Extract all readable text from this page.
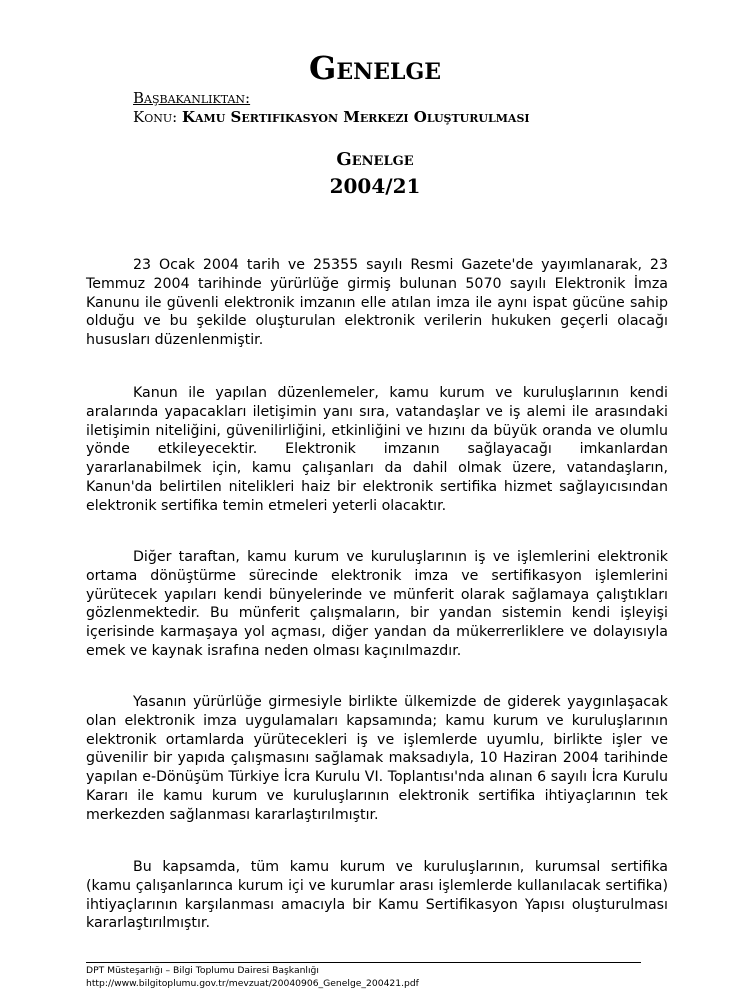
Genelge
Başbakanlıktan:
Konu: Kamu Sertifikasyon Merkezi Oluşturulması
Genelge
2004/21

23 Ocak 2004 tarih ve 25355 sayılı Resmi Gazete'de yayımlanarak, 23 Temmuz 2004 tarihinde yürürlüğe girmiş bulunan 5070 sayılı Elektronik İmza Kanunu ile güvenli elektronik imzanın elle atılan imza ile aynı ispat gücüne sahip olduğu ve bu şekilde oluşturulan elektronik verilerin hukuken geçerli olacağı hususları düzenlenmiştir.

Kanun ile yapılan düzenlemeler, kamu kurum ve kuruluşlarının kendi aralarında yapacakları iletişimin yanı sıra, vatandaşlar ve iş alemi ile arasındaki iletişimin niteliğini, güvenilirliğini, etkinliğini ve hızını da büyük oranda ve olumlu yönde etkileyecektir. Elektronik imzanın sağlayacağı imkanlardan yararlanabilmek için, kamu çalışanları da dahil olmak üzere, vatandaşların, Kanun'da belirtilen nitelikleri haiz bir elektronik sertifika hizmet sağlayıcısından elektronik sertifika temin etmeleri yeterli olacaktır.

Diğer taraftan, kamu kurum ve kuruluşlarının iş ve işlemlerini elektronik ortama dönüştürme sürecinde elektronik imza ve sertifikasyon işlemlerini yürütecek yapıları kendi bünyelerinde ve münferit olarak sağlamaya çalıştıkları gözlenmektedir. Bu münferit çalışmaların, bir yandan sistemin kendi işleyişi içerisinde karmaşaya yol açması, diğer yandan da mükerrerliklere ve dolayısıyla emek ve kaynak israfına neden olması kaçınılmazdır.

Yasanın yürürlüğe girmesiyle birlikte ülkemizde de giderek yaygınlaşacak olan elektronik imza uygulamaları kapsamında; kamu kurum ve kuruluşlarının elektronik ortamlarda yürütecekleri iş ve işlemlerde uyumlu, birlikte işler ve güvenilir bir yapıda çalışmasını sağlamak maksadıyla, 10 Haziran 2004 tarihinde yapılan e-Dönüşüm Türkiye İcra Kurulu VI. Toplantısı'nda alınan 6 sayılı İcra Kurulu Kararı ile kamu kurum ve kuruluşlarının elektronik sertifika ihtiyaçlarının tek merkezden sağlanması kararlaştırılmıştır.

Bu kapsamda, tüm kamu kurum ve kuruluşlarının, kurumsal sertifika (kamu çalışanlarınca kurum içi ve kurumlar arası işlemlerde kullanılacak sertifika) ihtiyaçlarının karşılanması amacıyla bir Kamu Sertifikasyon Yapısı oluşturulması kararlaştırılmıştır.

DPT Müsteşarlığı – Bilgi Toplumu Dairesi Başkanlığı
http://www.bilgitoplumu.gov.tr/mevzuat/20040906_Genelge_200421.pdf
